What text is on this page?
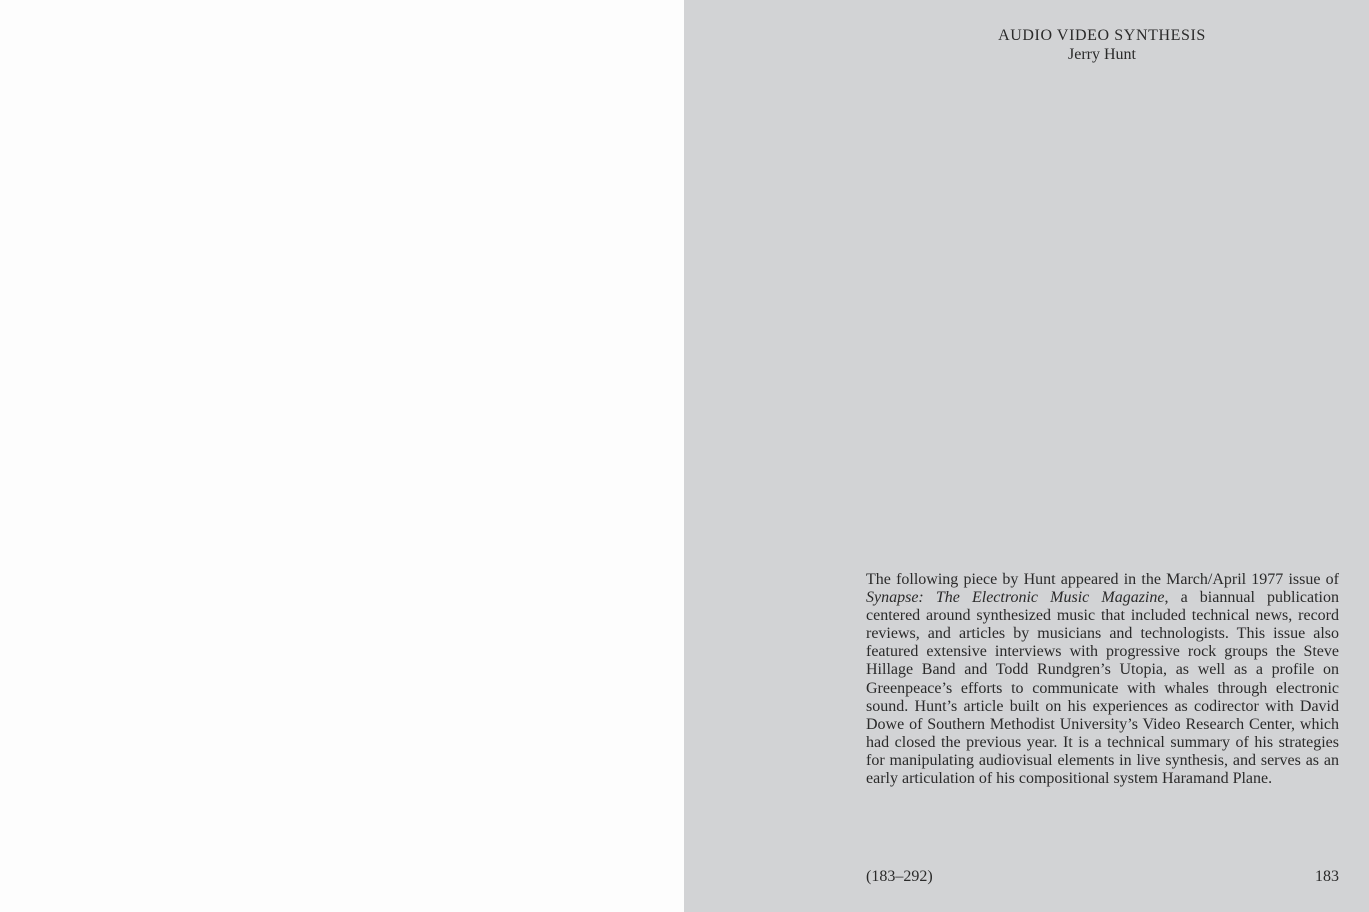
AUDIO VIDEO SYNTHESIS
Jerry Hunt
The following piece by Hunt appeared in the March/April 1977 issue of Synapse: The Electronic Music Magazine, a biannual publication centered around synthesized music that included technical news, record reviews, and articles by musicians and technologists. This issue also featured extensive interviews with progressive rock groups the Steve Hillage Band and Todd Rundgren’s Utopia, as well as a profile on Greenpeace’s efforts to communicate with whales through electronic sound. Hunt’s article built on his experiences as codirector with David Dowe of Southern Methodist University’s Video Research Center, which had closed the previous year. It is a technical summary of his strategies for manipulating audiovisual elements in live synthesis, and serves as an early articulation of his compositional system Haramand Plane.
(183–292)	183
